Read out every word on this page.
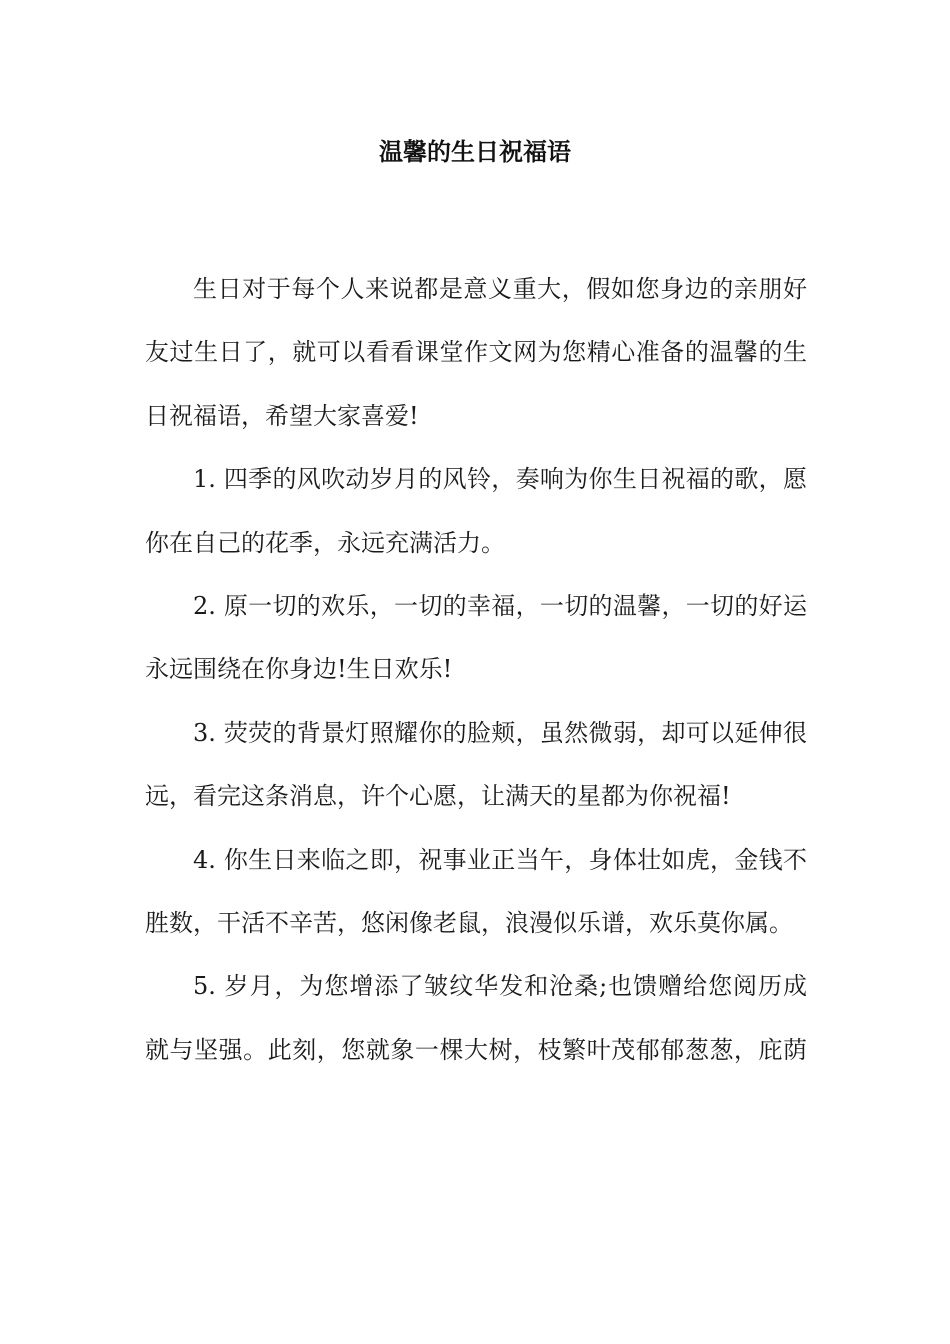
温馨的生日祝福语

生日对于每个人来说都是意义重大，假如您身边的亲朋好
友过生日了，就可以看看课堂作文网为您精心准备的温馨的生
日祝福语，希望大家喜爱!

1. 四季的风吹动岁月的风铃，奏响为你生日祝福的歌，愿
你在自己的花季，永远充满活力。

2. 原一切的欢乐，一切的幸福，一切的温馨，一切的好运
永远围绕在你身边!生日欢乐!

3. 荧荧的背景灯照耀你的脸颊，虽然微弱，却可以延伸很
远，看完这条消息，许个心愿，让满天的星都为你祝福!

4. 你生日来临之即，祝事业正当午，身体壮如虎，金钱不
胜数，干活不辛苦，悠闲像老鼠，浪漫似乐谱，欢乐莫你属。

5. 岁月，为您增添了皱纹华发和沧桑;也馈赠给您阅历成
就与坚强。此刻，您就象一棵大树，枝繁叶茂郁郁葱葱，庇荫
